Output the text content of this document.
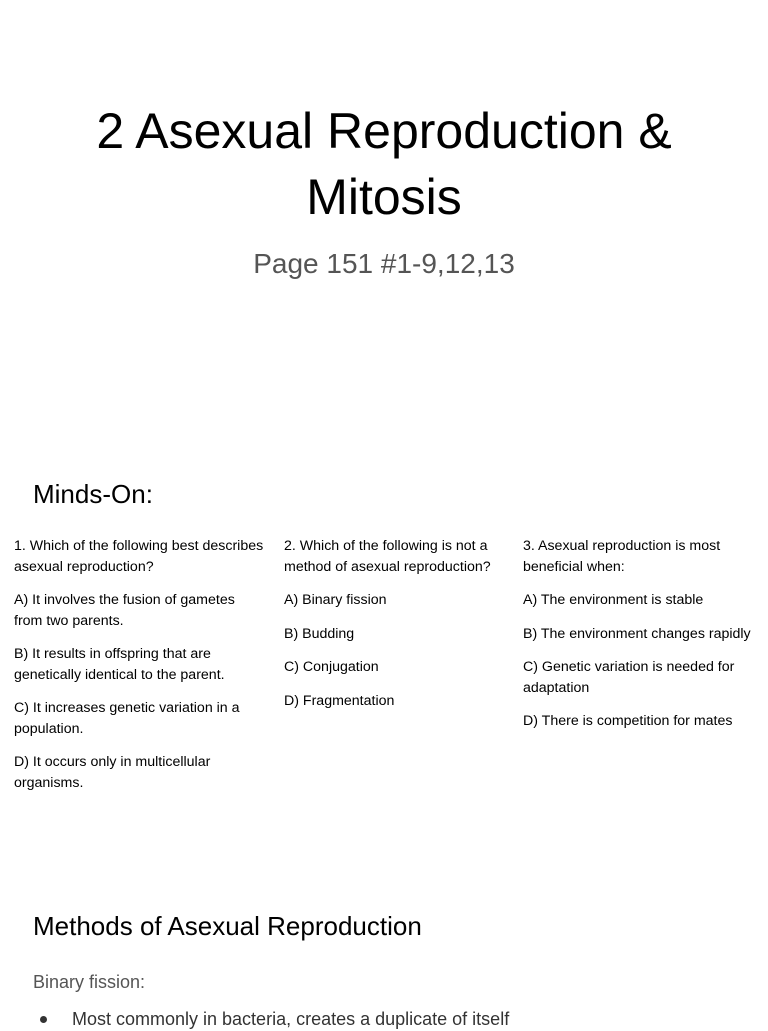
2 Asexual Reproduction &
Mitosis

Page 151 #1-9,12,13

Minds-On:

1. Which of the following best describes asexual reproduction?

A) It involves the fusion of gametes from two parents.

B) It results in offspring that are genetically identical to the parent.

C) It increases genetic variation in a population.

D) It occurs only in multicellular organisms.

2. Which of the following is not a method of asexual reproduction?

A) Binary fission

B) Budding

C) Conjugation

D) Fragmentation

3. Asexual reproduction is most beneficial when:

A) The environment is stable

B) The environment changes rapidly

C) Genetic variation is needed for adaptation

D) There is competition for mates

Methods of Asexual Reproduction

Binary fission:

Most commonly in bacteria, creates a duplicate of itself
